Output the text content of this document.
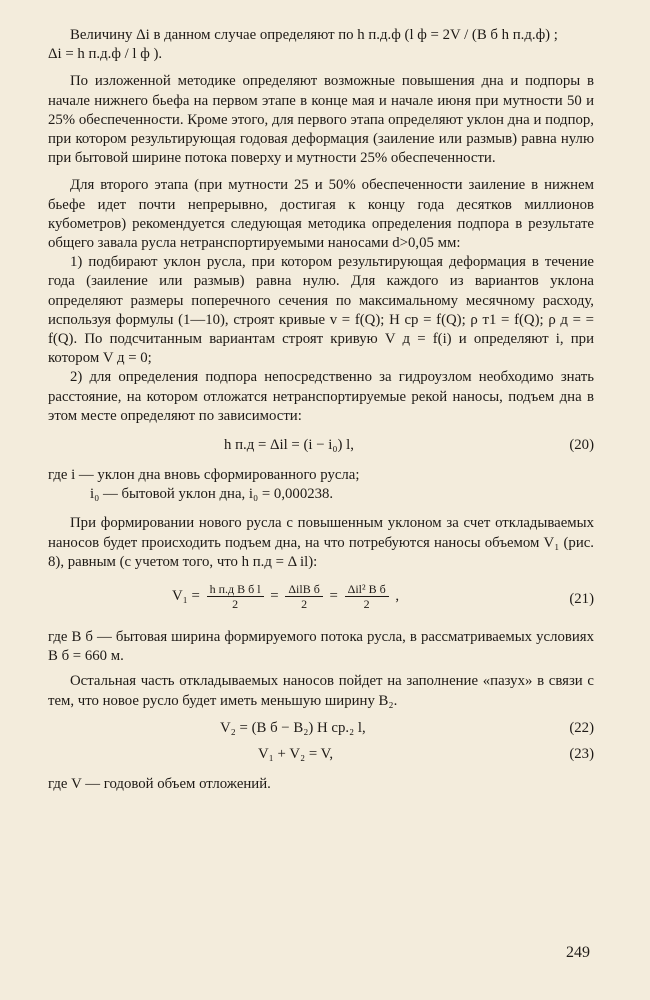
Величину Δi в данном случае определяют по h п.д.ф (l ф = 2V / (B б h п.д.ф) ;

Δi = h п.д.ф / l ф ).

По изложенной методике определяют возможные повышения дна и подпоры в начале нижнего бьефа на первом этапе в конце мая и начале июня при мутности 50 и 25% обеспеченности. Кроме этого, для первого этапа определяют уклон дна и подпор, при котором результирующая годовая деформация (заиление или размыв) равна нулю при бытовой ширине потока поверху и мутности 25% обеспеченности.

Для второго этапа (при мутности 25 и 50% обеспеченности заиление в нижнем бьефе идет почти непрерывно, достигая к концу года десятков миллионов кубометров) рекомендуется следующая методика определения подпора в результате общего завала русла нетранспортируемыми наносами d>0,05 мм:

1) подбирают уклон русла, при котором результирующая деформация в течение года (заиление или размыв) равна нулю. Для каждого из вариантов уклона определяют размеры поперечного сечения по максимальному месячному расходу, используя формулы (1—10), строят кривые v = f(Q); H ср = f(Q); ρ т1 = f(Q); ρ д = = f(Q). По подсчитанным вариантам строят кривую V д = f(i) и определяют i, при котором V д = 0;

2) для определения подпора непосредственно за гидроузлом необходимо знать расстояние, на котором отложатся нетранспортируемые рекой наносы, подъем дна в этом месте определяют по зависимости:

h п.д = Δil = (i − i₀) l,	(20)
где i — уклон дна вновь сформированного русла;
i₀ — бытовой уклон дна, i₀ = 0,000238.

При формировании нового русла с повышенным уклоном за счет откладываемых наносов будет происходить подъем дна, на что потребуются наносы объемом V₁ (рис. 8), равным (с учетом того, что h п.д = Δ il):

$V_1 = \frac{\text{h п.д B б l}}{2} = \frac{\text{ΔilB б}}{2} = \frac{\text{Δil² B б}}{2}$ ,	(21)

где B б — бытовая ширина формируемого потока русла, в рассматриваемых условиях B б = 660 м.

Остальная часть откладываемых наносов пойдет на заполнение «пазух» в связи с тем, что новое русло будет иметь меньшую ширину B₂.

V₂ = (B б − B₂) H ср.₂ l,	(22)
V₁ + V₂ = V,	(23)

где V — годовой объем отложений.

249
